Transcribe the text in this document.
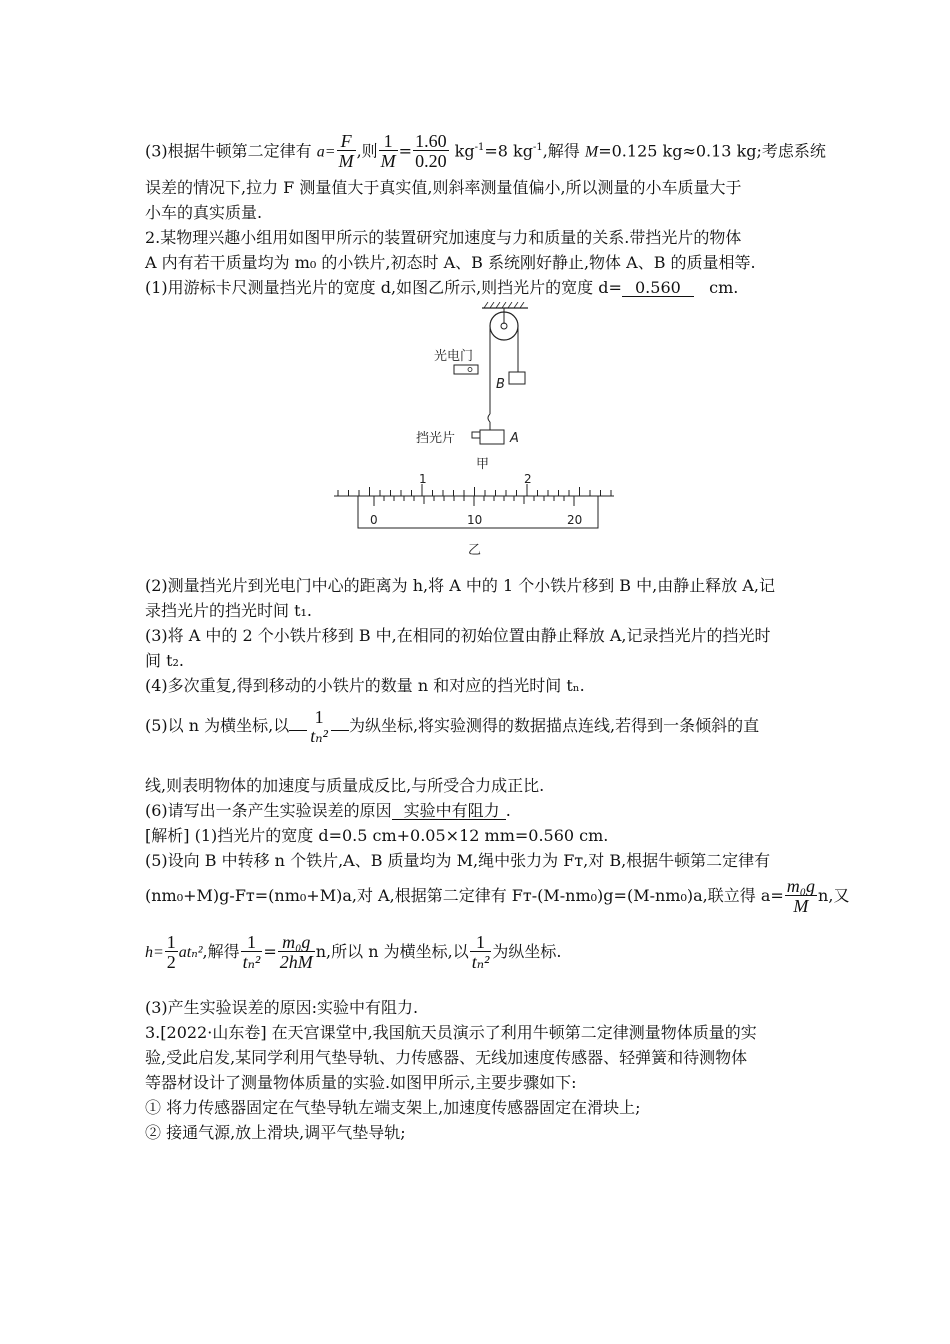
(3)根据牛顿第二定律有 $a= \frac{F}{M}$ ,则 $\frac{1}{M} = \frac{1.60}{0.20} kg^{-1}=8$ $kg^{-1}$,解得 M=0.125 kg≈0.13 kg;考虑系统
误差的情况下,拉力 F 测量值大于真实值,则斜率测量值偏小,所以测量的小车质量大于
小车的真实质量.
2.某物理兴趣小组用如图甲所示的装置研究加速度与力和质量的关系.带挡光片的物体
A 内有若干质量均为 m₀ 的小铁片,初态时 A、B 系统刚好静止,物体 A、B 的质量相等.
(1)用游标卡尺测量挡光片的宽度 d,如图乙所示,则挡光片的宽度 d= 0.560 cm.
B
光电门
挡光片	A
甲
1	2
0	10	20
乙
(2)测量挡光片到光电门中心的距离为 h,将 A 中的 1 个小铁片移到 B 中,由静止释放 A,记
录挡光片的挡光时间 t₁.
(3)将 A 中的 2 个小铁片移到 B 中,在相同的初始位置由静止释放 A,记录挡光片的挡光时
间 t₂.
(4)多次重复,得到移动的小铁片的数量 n 和对应的挡光时间 tₙ.
(5)以 n 为横坐标,以	1
tₙ² 为纵坐标,将实验测得的数据描点连线,若得到一条倾斜的直
线,则表明物体的加速度与质量成反比,与所受合力成正比.
(6)请写出一条产生实验误差的原因 实验中有阻力 .
[解析] (1)挡光片的宽度 d=0.5 cm+0.05×12 mm=0.560 cm.
(5)设向 B 中转移 n 个铁片,A、B 质量均为 M,绳中张力为 Fᴛ,对 B,根据牛顿第二定律有
(nm₀+M)g-Fᴛ=(nm₀+M)a,对 A,根据第二定律有 Fᴛ-(M-nm₀)g=(M-nm₀)a,联立得 $a= \frac{\text{m₀g}}{M} n$,又
$h= \frac{1}{2} at_n^2$,解得 $\frac{1}{\text{tₙ²}} = \frac{\text{m₀g}}{2hM} n$,所以 n 为横坐标,以 $\frac{1}{\text{tₙ²}}$ 为纵坐标.
(3)产生实验误差的原因:实验中有阻力.
3.[2022·山东卷] 在天宫课堂中,我国航天员演示了利用牛顿第二定律测量物体质量的实
验,受此启发,某同学利用气垫导轨、力传感器、无线加速度传感器、轻弹簧和待测物体
等器材设计了测量物体质量的实验.如图甲所示,主要步骤如下:
① 将力传感器固定在气垫导轨左端支架上,加速度传感器固定在滑块上;
② 接通气源,放上滑块,调平气垫导轨;
